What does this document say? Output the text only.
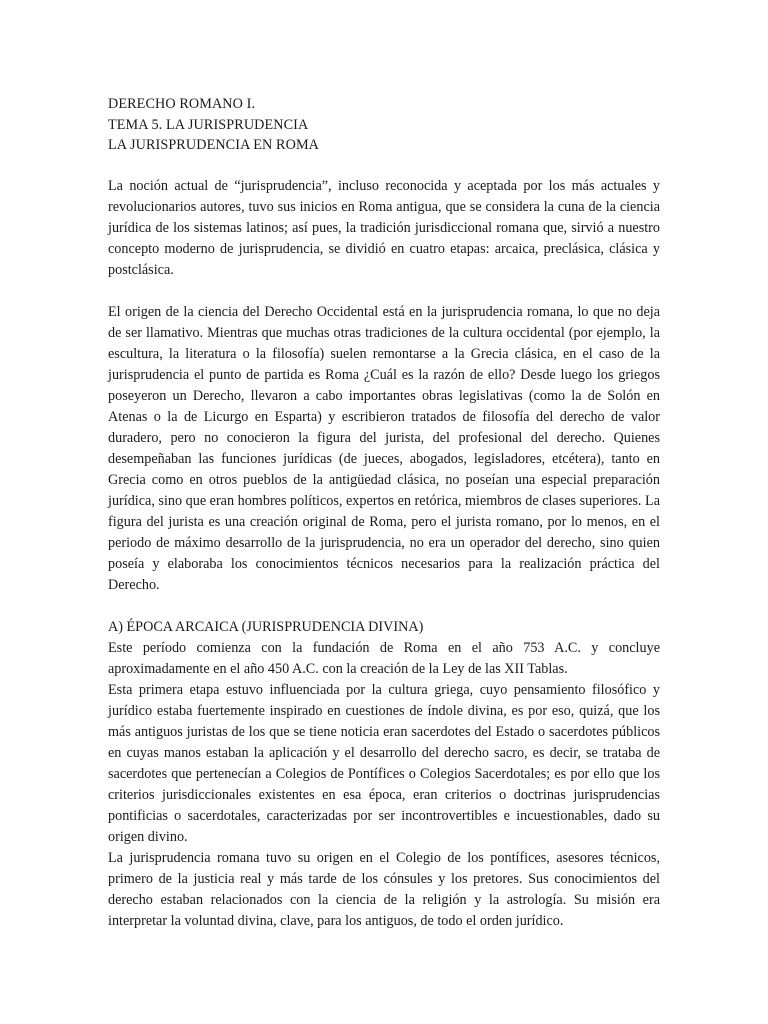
DERECHO ROMANO I.
TEMA 5. LA JURISPRUDENCIA
LA JURISPRUDENCIA EN ROMA

La noción actual de “jurisprudencia”, incluso reconocida y aceptada por los más actuales y revolucionarios autores, tuvo sus inicios en Roma antigua, que se considera la cuna de la ciencia jurídica de los sistemas latinos; así pues, la tradición jurisdiccional romana que, sirvió a nuestro concepto moderno de jurisprudencia, se dividió en cuatro etapas: arcaica, preclásica, clásica y postclásica.

El origen de la ciencia del Derecho Occidental está en la jurisprudencia romana, lo que no deja de ser llamativo. Mientras que muchas otras tradiciones de la cultura occidental (por ejemplo, la escultura, la literatura o la filosofía) suelen remontarse a la Grecia clásica, en el caso de la jurisprudencia el punto de partida es Roma ¿Cuál es la razón de ello? Desde luego los griegos poseyeron un Derecho, llevaron a cabo importantes obras legislativas (como la de Solón en Atenas o la de Licurgo en Esparta) y escribieron tratados de filosofía del derecho de valor duradero, pero no conocieron la figura del jurista, del profesional del derecho. Quienes desempeñaban las funciones jurídicas (de jueces, abogados, legisladores, etcétera), tanto en Grecia como en otros pueblos de la antigüedad clásica, no poseían una especial preparación jurídica, sino que eran hombres políticos, expertos en retórica, miembros de clases superiores. La figura del jurista es una creación original de Roma, pero el jurista romano, por lo menos, en el periodo de máximo desarrollo de la jurisprudencia, no era un operador del derecho, sino quien poseía y elaboraba los conocimientos técnicos necesarios para la realización práctica del Derecho.

A) ÉPOCA ARCAICA (JURISPRUDENCIA DIVINA)

Este período comienza con la fundación de Roma en el año 753 A.C. y concluye aproximadamente en el año 450 A.C. con la creación de la Ley de las XII Tablas.

Esta primera etapa estuvo influenciada por la cultura griega, cuyo pensamiento filosófico y jurídico estaba fuertemente inspirado en cuestiones de índole divina, es por eso, quizá, que los más antiguos juristas de los que se tiene noticia eran sacerdotes del Estado o sacerdotes públicos en cuyas manos estaban la aplicación y el desarrollo del derecho sacro, es decir, se trataba de sacerdotes que pertenecían a Colegios de Pontífices o Colegios Sacerdotales; es por ello que los criterios jurisdiccionales existentes en esa época, eran criterios o doctrinas jurisprudencias pontificias o sacerdotales, caracterizadas por ser incontrovertibles e incuestionables, dado su origen divino.

La jurisprudencia romana tuvo su origen en el Colegio de los pontífices, asesores técnicos, primero de la justicia real y más tarde de los cónsules y los pretores. Sus conocimientos del derecho estaban relacionados con la ciencia de la religión y la astrología. Su misión era interpretar la voluntad divina, clave, para los antiguos, de todo el orden jurídico.
